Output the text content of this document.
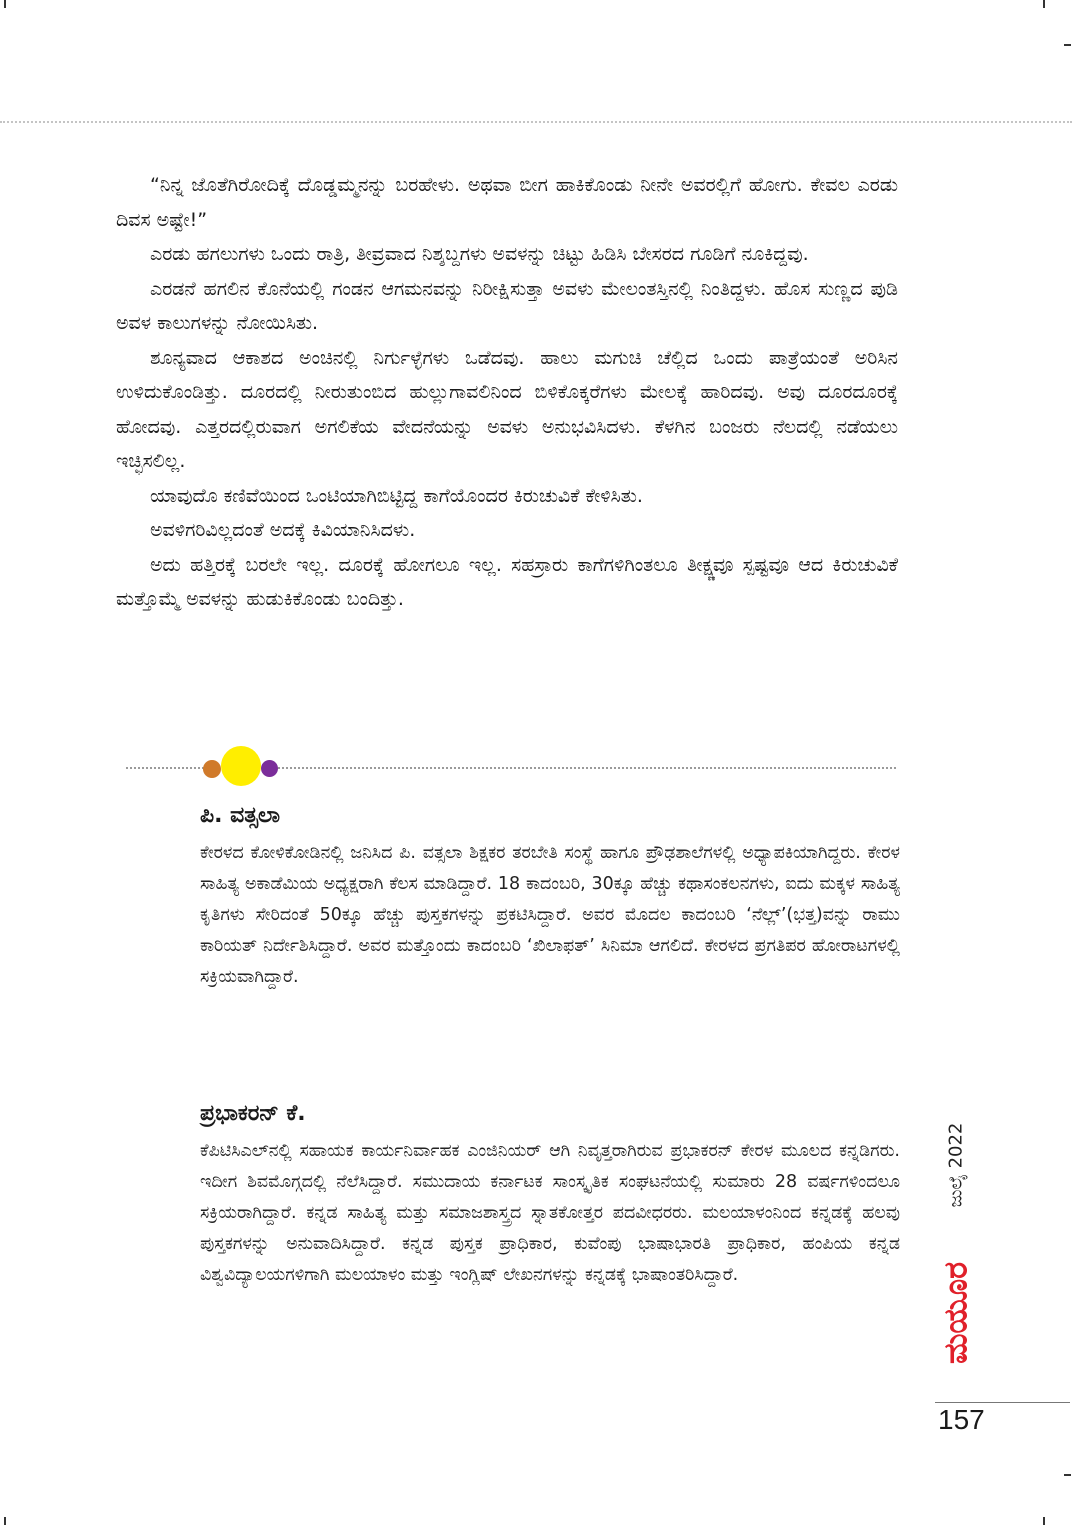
“ನಿನ್ನ ಜೊತೆಗಿರೋದಿಕ್ಕೆ ದೊಡ್ಡಮ್ಮನನ್ನು ಬರಹೇಳು. ಅಥವಾ ಬೀಗ ಹಾಕಿಕೊಂಡು ನೀನೇ ಅವರಲ್ಲಿಗೆ ಹೋಗು. ಕೇವಲ ಎರಡು ದಿವಸ ಅಷ್ಟೇ!”

ಎರಡು ಹಗಲುಗಳು ಒಂದು ರಾತ್ರಿ, ತೀವ್ರವಾದ ನಿಶ್ಶಬ್ದಗಳು ಅವಳನ್ನು ಚಿಟ್ಟು ಹಿಡಿಸಿ ಬೇಸರದ ಗೂಡಿಗೆ ನೂಕಿದ್ದವು.

ಎರಡನೆ ಹಗಲಿನ ಕೊನೆಯಲ್ಲಿ ಗಂಡನ ಆಗಮನವನ್ನು ನಿರೀಕ್ಷಿಸುತ್ತಾ ಅವಳು ಮೇಲಂತಸ್ತಿನಲ್ಲಿ ನಿಂತಿದ್ದಳು. ಹೊಸ ಸುಣ್ಣದ ಪುಡಿ ಅವಳ ಕಾಲುಗಳನ್ನು ನೋಯಿಸಿತು.

ಶೂನ್ಯವಾದ ಆಕಾಶದ ಅಂಚಿನಲ್ಲಿ ನಿರ್ಗುಳ್ಳೆಗಳು ಒಡೆದವು. ಹಾಲು ಮಗುಚಿ ಚೆಲ್ಲಿದ ಒಂದು ಪಾತ್ರೆಯಂತೆ ಅರಿಸಿನ ಉಳಿದುಕೊಂಡಿತ್ತು. ದೂರದಲ್ಲಿ ನೀರುತುಂಬಿದ ಹುಲ್ಲುಗಾವಲಿನಿಂದ ಬಿಳಿಕೊಕ್ಕರೆಗಳು ಮೇಲಕ್ಕೆ ಹಾರಿದವು. ಅವು ದೂರದೂರಕ್ಕೆ ಹೋದವು. ಎತ್ತರದಲ್ಲಿರುವಾಗ ಅಗಲಿಕೆಯ ವೇದನೆಯನ್ನು ಅವಳು ಅನುಭವಿಸಿದಳು. ಕೆಳಗಿನ ಬಂಜರು ನೆಲದಲ್ಲಿ ನಡೆಯಲು ಇಚ್ಛಿಸಲಿಲ್ಲ.

ಯಾವುದೊ ಕಣಿವೆಯಿಂದ ಒಂಟಿಯಾಗಿಬಿಟ್ಟಿದ್ದ ಕಾಗೆಯೊಂದರ ಕಿರುಚುವಿಕೆ ಕೇಳಿಸಿತು.

ಅವಳಿಗರಿವಿಲ್ಲದಂತೆ ಅದಕ್ಕೆ ಕಿವಿಯಾನಿಸಿದಳು.

ಅದು ಹತ್ತಿರಕ್ಕೆ ಬರಲೇ ಇಲ್ಲ. ದೂರಕ್ಕೆ ಹೋಗಲೂ ಇಲ್ಲ. ಸಹಸ್ರಾರು ಕಾಗೆಗಳಿಗಿಂತಲೂ ತೀಕ್ಷ್ಣವೂ ಸ್ಪಷ್ಟವೂ ಆದ ಕಿರುಚುವಿಕೆ ಮತ್ತೊಮ್ಮೆ ಅವಳನ್ನು ಹುಡುಕಿಕೊಂಡು ಬಂದಿತ್ತು.

ಪಿ. ವತ್ಸಲಾ

ಕೇರಳದ ಕೋಳಿಕೋಡಿನಲ್ಲಿ ಜನಿಸಿದ ಪಿ. ವತ್ಸಲಾ ಶಿಕ್ಷಕರ ತರಬೇತಿ ಸಂಸ್ಥೆ ಹಾಗೂ ಪ್ರೌಢಶಾಲೆಗಳಲ್ಲಿ ಅಧ್ಯಾಪಕಿಯಾಗಿದ್ದರು. ಕೇರಳ ಸಾಹಿತ್ಯ ಅಕಾಡೆಮಿಯ ಅಧ್ಯಕ್ಷರಾಗಿ ಕೆಲಸ ಮಾಡಿದ್ದಾರೆ. 18 ಕಾದಂಬರಿ, 30ಕ್ಕೂ ಹೆಚ್ಚು ಕಥಾಸಂಕಲನಗಳು, ಐದು ಮಕ್ಕಳ ಸಾಹಿತ್ಯ ಕೃತಿಗಳು ಸೇರಿದಂತೆ 50ಕ್ಕೂ ಹೆಚ್ಚು ಪುಸ್ತಕಗಳನ್ನು ಪ್ರಕಟಿಸಿದ್ದಾರೆ. ಅವರ ಮೊದಲ ಕಾದಂಬರಿ ‘ನೆಲ್ಲ್’(ಭತ್ತ)ವನ್ನು ರಾಮು ಕಾರಿಯತ್ ನಿರ್ದೇಶಿಸಿದ್ದಾರೆ. ಅವರ ಮತ್ತೊಂದು ಕಾದಂಬರಿ ‘ಖಿಲಾಫತ್’ ಸಿನಿಮಾ ಆಗಲಿದೆ. ಕೇರಳದ ಪ್ರಗತಿಪರ ಹೋರಾಟಗಳಲ್ಲಿ ಸಕ್ರಿಯವಾಗಿದ್ದಾರೆ.

ಪ್ರಭಾಕರನ್ ಕೆ.

ಕೆಪಿಟಿಸಿಎಲ್‌ನಲ್ಲಿ ಸಹಾಯಕ ಕಾರ್ಯನಿರ್ವಾಹಕ ಎಂಜಿನಿಯರ್ ಆಗಿ ನಿವೃತ್ತರಾಗಿರುವ ಪ್ರಭಾಕರನ್ ಕೇರಳ ಮೂಲದ ಕನ್ನಡಿಗರು. ಇದೀಗ ಶಿವಮೊಗ್ಗದಲ್ಲಿ ನೆಲೆಸಿದ್ದಾರೆ. ಸಮುದಾಯ ಕರ್ನಾಟಕ ಸಾಂಸ್ಕೃತಿಕ ಸಂಘಟನೆಯಲ್ಲಿ ಸುಮಾರು 28 ವರ್ಷಗಳಿಂದಲೂ ಸಕ್ರಿಯರಾಗಿದ್ದಾರೆ. ಕನ್ನಡ ಸಾಹಿತ್ಯ ಮತ್ತು ಸಮಾಜಶಾಸ್ತ್ರದ ಸ್ನಾತಕೋತ್ತರ ಪದವೀಧರರು. ಮಲಯಾಳಂನಿಂದ ಕನ್ನಡಕ್ಕೆ ಹಲವು ಪುಸ್ತಕಗಳನ್ನು ಅನುವಾದಿಸಿದ್ದಾರೆ. ಕನ್ನಡ ಪುಸ್ತಕ ಪ್ರಾಧಿಕಾರ, ಕುವೆಂಪು ಭಾಷಾಭಾರತಿ ಪ್ರಾಧಿಕಾರ, ಹಂಪಿಯ ಕನ್ನಡ ವಿಶ್ವವಿದ್ಯಾಲಯಗಳಿಗಾಗಿ ಮಲಯಾಳಂ ಮತ್ತು ಇಂಗ್ಲಿಷ್ ಲೇಖನಗಳನ್ನು ಕನ್ನಡಕ್ಕೆ ಭಾಷಾಂತರಿಸಿದ್ದಾರೆ.

ಜುಲೈ 2022
ಮಯೂರ
157
